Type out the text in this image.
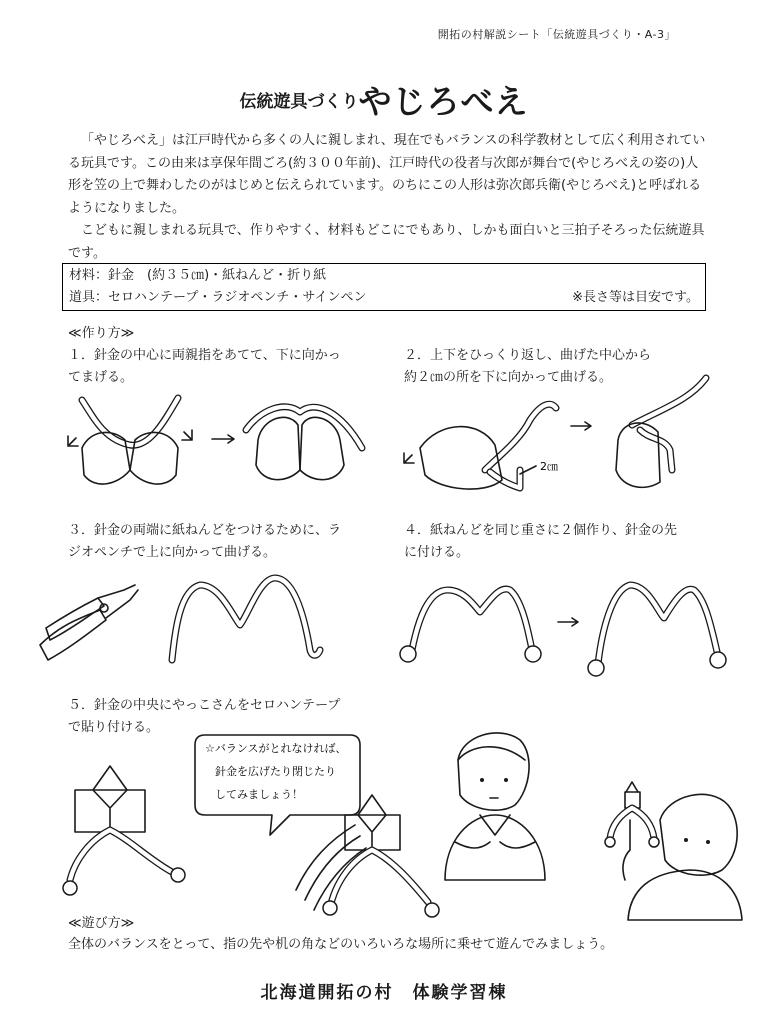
開拓の村解説シート「伝統遊具づくり・A-3」
伝統遊具づくりやじろべえ

「やじろべえ」は江戸時代から多くの人に親しまれ、現在でもバランスの科学教材として広く利用されている玩具です。この由来は享保年間ごろ(約３００年前)、江戸時代の役者与次郎が舞台で(やじろべえの姿の)人形を笠の上で舞わしたのがはじめと伝えられています。のちにこの人形は弥次郎兵衛(やじろべえ)と呼ばれるようになりました。

こどもに親しまれる玩具で、作りやすく、材料もどこにでもあり、しかも面白いと三拍子そろった伝統遊具です。

材料：針金　(約３５㎝)・紙ねんど・折り紙
道具：セロハンテープ・ラジオペンチ・サインペン	※長さ等は目安です。
≪作り方≫
１．針金の中心に両親指をあてて、下に向かっ
てまげる。
２．上下をひっくり返し、曲げた中心から
約２㎝の所を下に向かって曲げる。
３．針金の両端に紙ねんどをつけるために、ラ
ジオペンチで上に向かって曲げる。
４．紙ねんどを同じ重さに２個作り、針金の先
に付ける。
５．針金の中央にやっこさんをセロハンテープ
で貼り付ける。
2㎝
☆バランスがとれなければ、
針金を広げたり閉じたり
してみましょう！
≪遊び方≫
全体のバランスをとって、指の先や机の角などのいろいろな場所に乗せて遊んでみましょう。
北海道開拓の村　体験学習棟
